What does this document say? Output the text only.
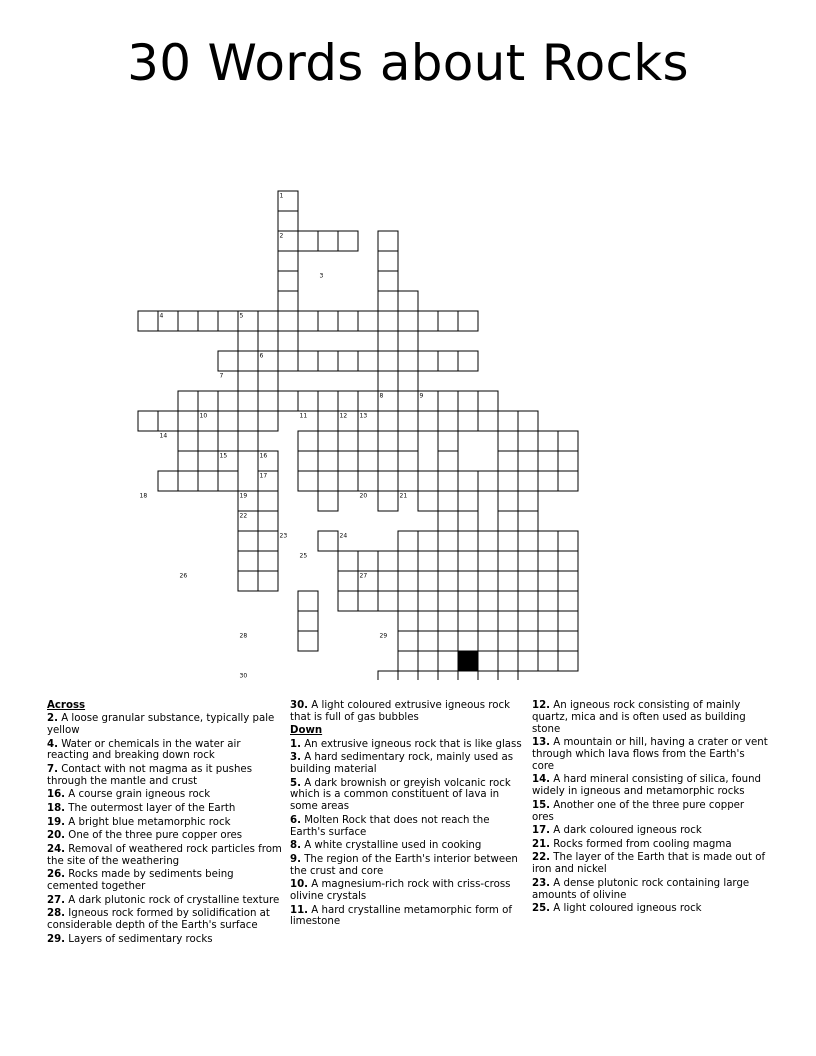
30 Words about Rocks
1
2
3
4	5
6
7
8	9
10	11	12 13
14
15	16
17
18	19	20	21
22
23	24
25
26	27
28	29
30
Across
2. A loose granular substance, typically pale yellow
4. Water or chemicals in the water air reacting and breaking down rock
7. Contact with not magma as it pushes through the mantle and crust
16. A course grain igneous rock
18. The outermost layer of the Earth
19. A bright blue metamorphic rock
20. One of the three pure copper ores
24. Removal of weathered rock particles from the site of the weathering
26. Rocks made by sediments being cemented together
27. A dark plutonic rock of crystalline texture
28. Igneous rock formed by solidification at considerable depth of the Earth's surface
29. Layers of sedimentary rocks
30. A light coloured extrusive igneous rock that is full of gas bubbles
Down
1. An extrusive igneous rock that is like glass
3. A hard sedimentary rock, mainly used as building material
5. A dark brownish or greyish volcanic rock which is a common constituent of lava in some areas
6. Molten Rock that does not reach the Earth's surface
8. A white crystalline used in cooking
9. The region of the Earth's interior between the crust and core
10. A magnesium-rich rock with criss-cross olivine crystals
11. A hard crystalline metamorphic form of limestone
12. An igneous rock consisting of mainly quartz, mica and is often used as building stone
13. A mountain or hill, having a crater or vent through which lava flows from the Earth's core
14. A hard mineral consisting of silica, found widely in igneous and metamorphic rocks
15. Another one of the three pure copper ores
17. A dark coloured igneous rock
21. Rocks formed from cooling magma
22. The layer of the Earth that is made out of iron and nickel
23. A dense plutonic rock containing large amounts of olivine
25. A light coloured igneous rock
